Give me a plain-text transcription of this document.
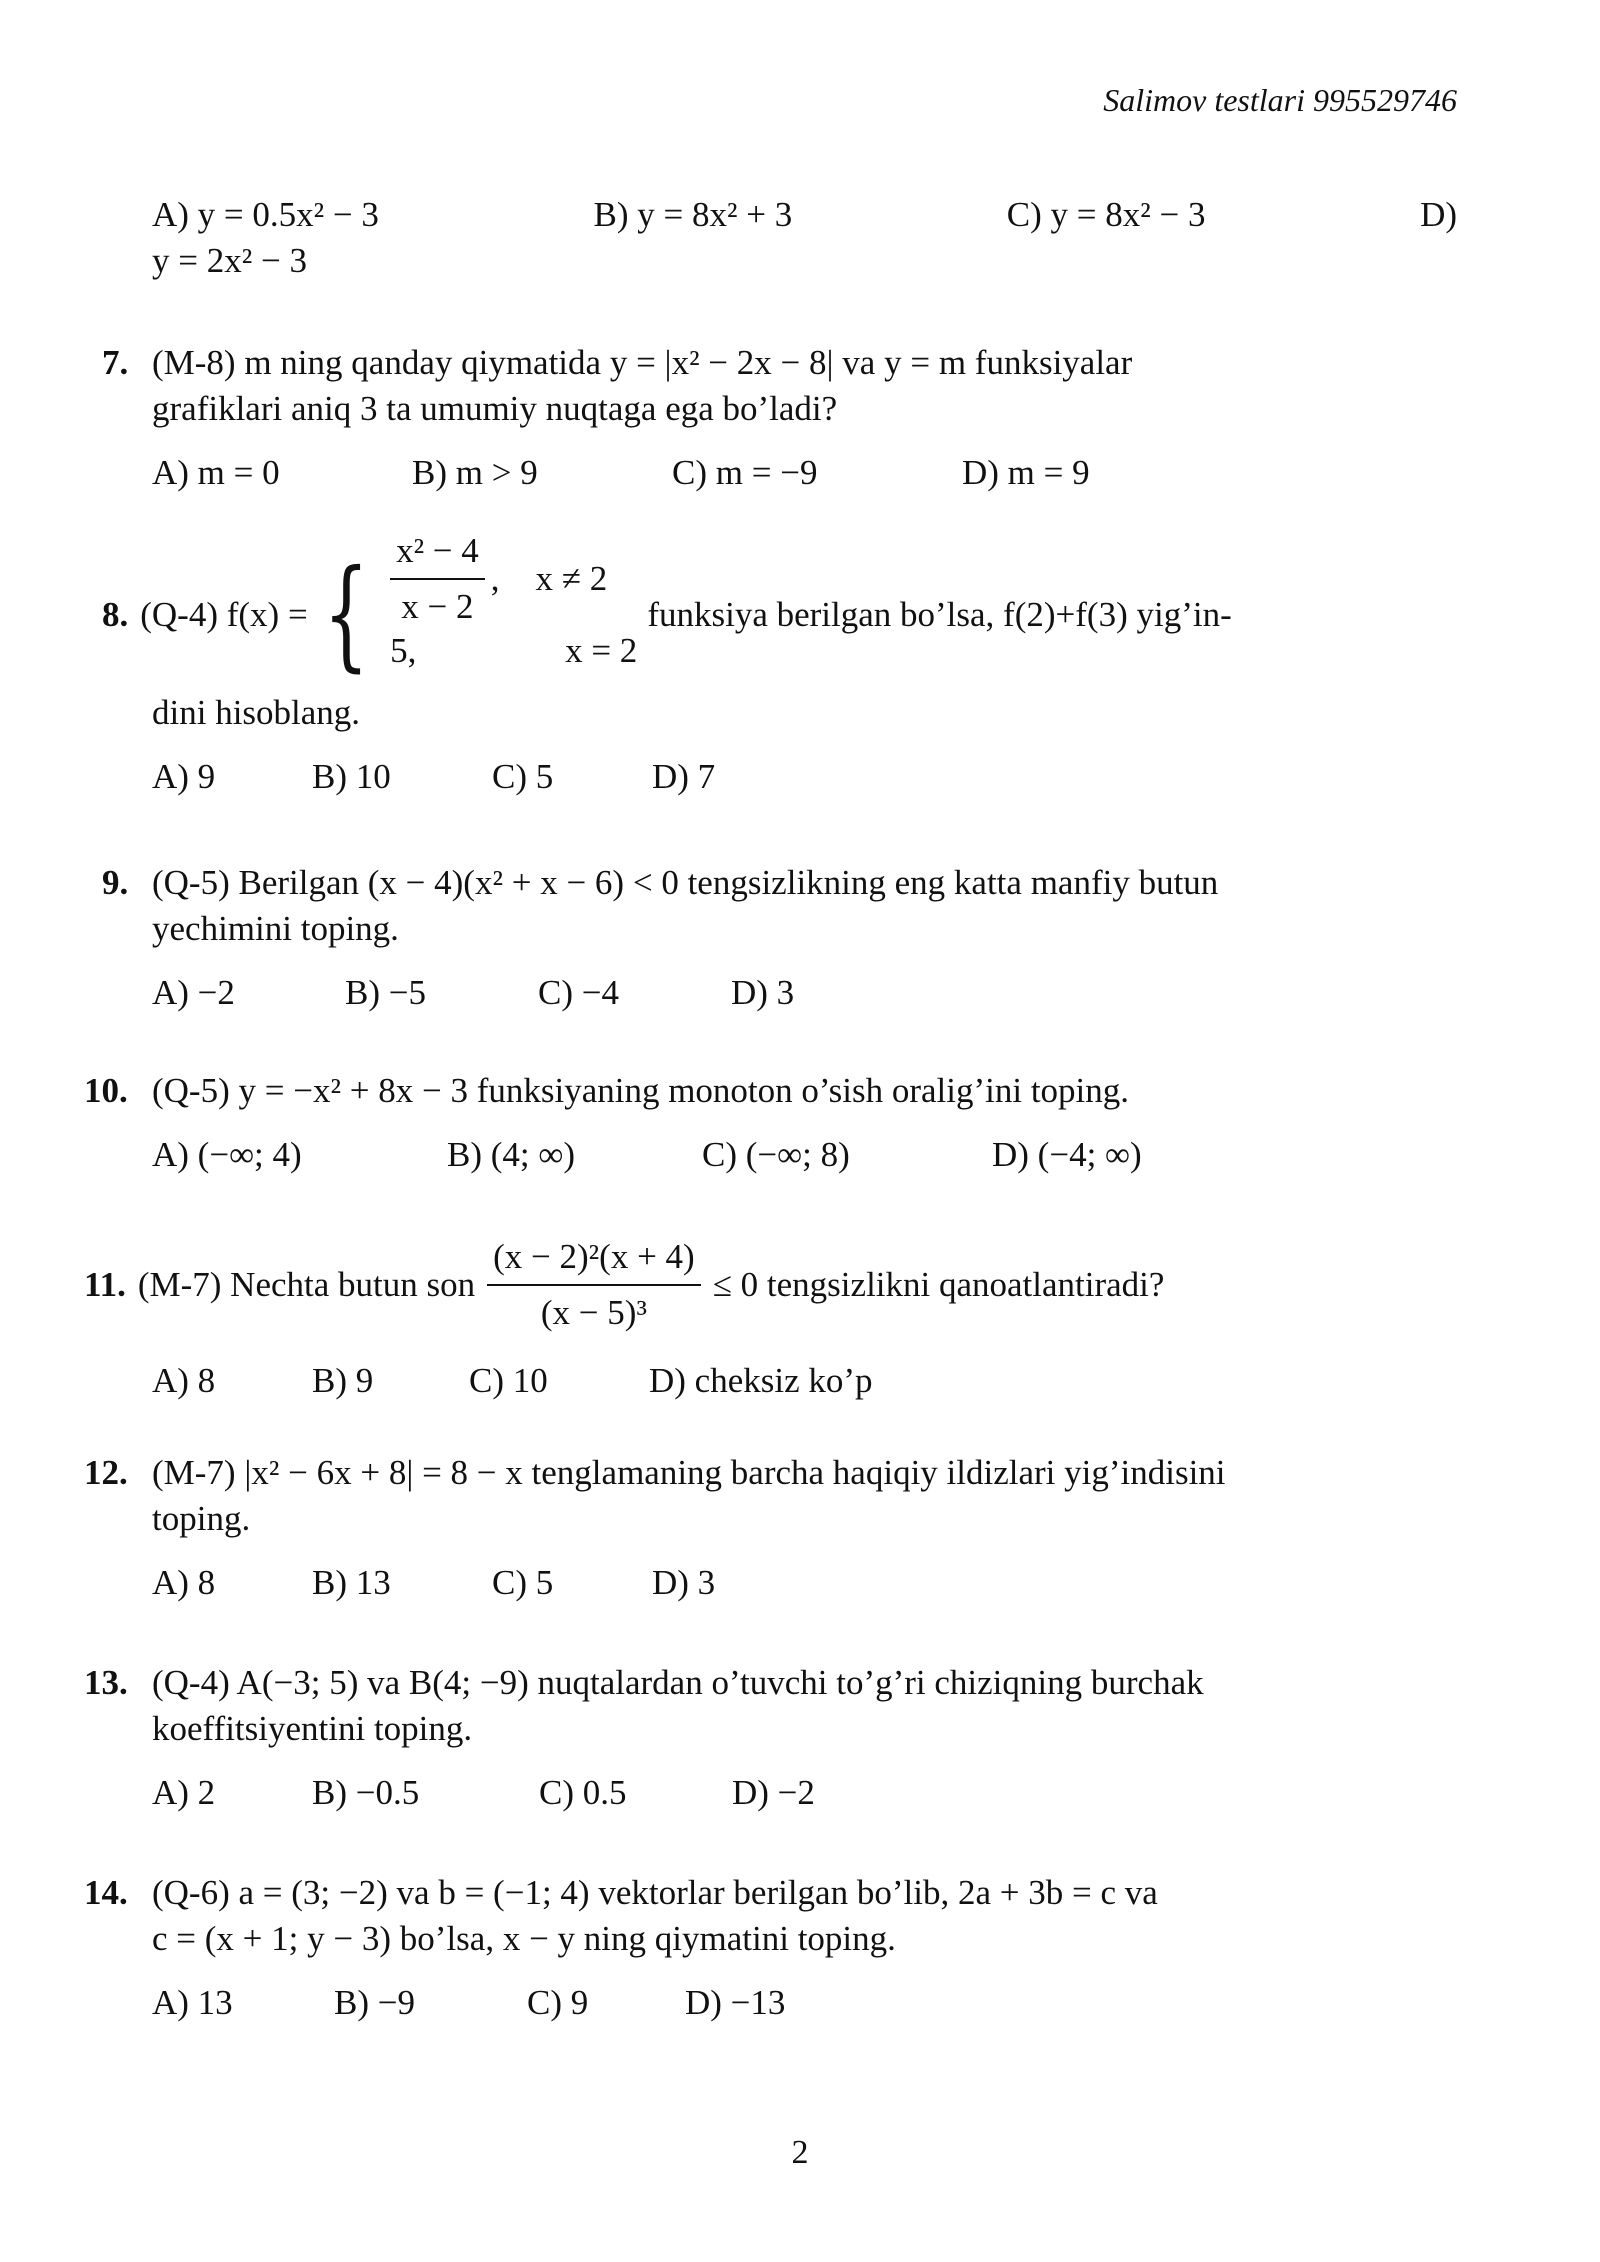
Salimov testlari 995529746
A) y = 0.5x² − 3	B) y = 8x² + 3	C) y = 8x² − 3	D)
y = 2x² − 3
7. (M-8) m ning qanday qiymatida y = |x² − 2x − 8| va y = m funksiyalar
grafiklari aniq 3 ta umumiy nuqtaga ega bo’ladi?
A) m = 0	B) m > 9	C) m = −9	D) m = 9
8. (Q-4) f(x) = { $\frac{\text{x² − 4}}{x - 2}$ , x ≠ 2
5,	x = 2
funksiya berilgan bo’lsa, f(2)+f(3) yig’in-
dini hisoblang.
A) 9	B) 10	C) 5	D) 7
9. (Q-5) Berilgan (x − 4)(x² + x − 6) < 0 tengsizlikning eng katta manfiy butun
yechimini toping.
A) −2	B) −5	C) −4	D) 3
10. (Q-5) y = −x² + 8x − 3 funksiyaning monoton o’sish oralig’ini toping.
A) (−∞; 4)	B) (4; ∞)	C) (−∞; 8)	D) (−4; ∞)
11. (M-7) Nechta butun son $\frac{\text{(x − 2)²(x + 4)}}{\text{(x − 5)³}} \le 0$ tengsizlikni qanoatlantiradi?
A) 8	B) 9	C) 10	D) cheksiz ko’p
12. (M-7) |x² − 6x + 8| = 8 − x tenglamaning barcha haqiqiy ildizlari yig’indisini
toping.
A) 8	B) 13	C) 5	D) 3
13. (Q-4) A(−3; 5) va B(4; −9) nuqtalardan o’tuvchi to’g’ri chiziqning burchak
koeffitsiyentini toping.
A) 2	B) −0.5	C) 0.5	D) −2
14. (Q-6) a = (3; −2) va b = (−1; 4) vektorlar berilgan bo’lib, 2a + 3b = c va
c = (x + 1; y − 3) bo’lsa, x − y ning qiymatini toping.
A) 13	B) −9	C) 9	D) −13
2
